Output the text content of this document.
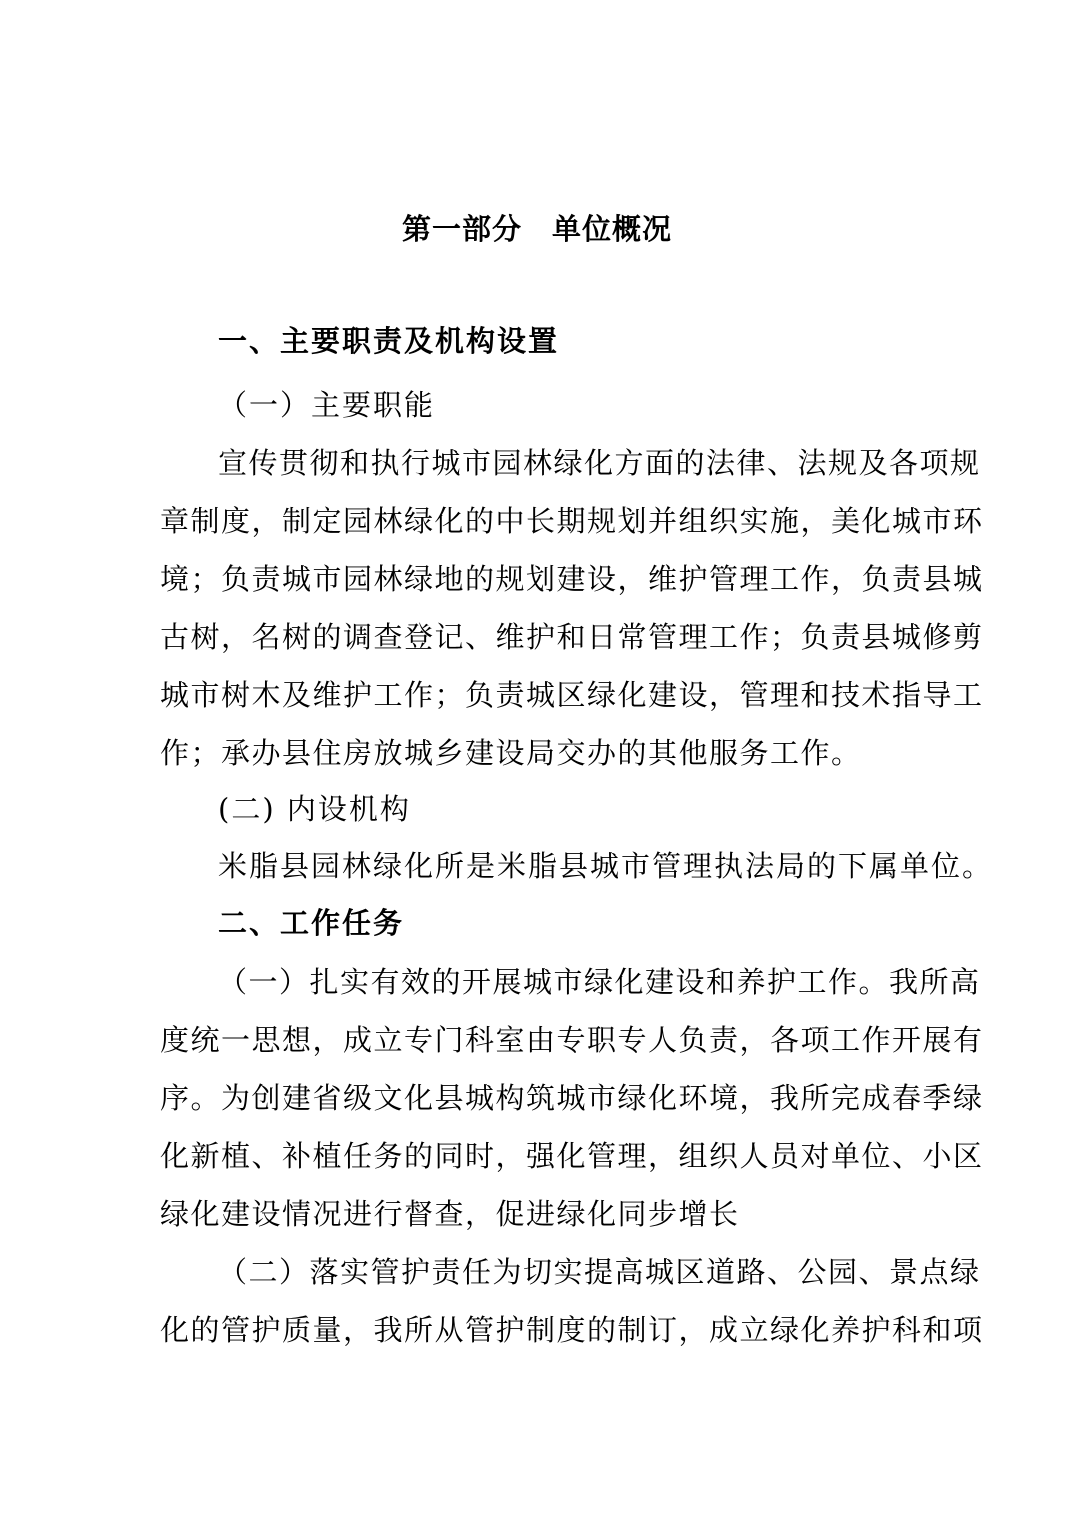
第一部分　单位概况
一、主要职责及机构设置
（一）主要职能
宣传贯彻和执行城市园林绿化方面的法律、法规及各项规
章制度，制定园林绿化的中长期规划并组织实施，美化城市环
境；负责城市园林绿地的规划建设，维护管理工作，负责县城
古树，名树的调查登记、维护和日常管理工作；负责县城修剪
城市树木及维护工作；负责城区绿化建设，管理和技术指导工
作；承办县住房放城乡建设局交办的其他服务工作。
(二) 内设机构
米脂县园林绿化所是米脂县城市管理执法局的下属单位。
二、工作任务
（一）扎实有效的开展城市绿化建设和养护工作。我所高
度统一思想，成立专门科室由专职专人负责，各项工作开展有
序。为创建省级文化县城构筑城市绿化环境，我所完成春季绿
化新植、补植任务的同时，强化管理，组织人员对单位、小区
绿化建设情况进行督查，促进绿化同步增长
（二）落实管护责任为切实提高城区道路、公园、景点绿
化的管护质量，我所从管护制度的制订，成立绿化养护科和项
